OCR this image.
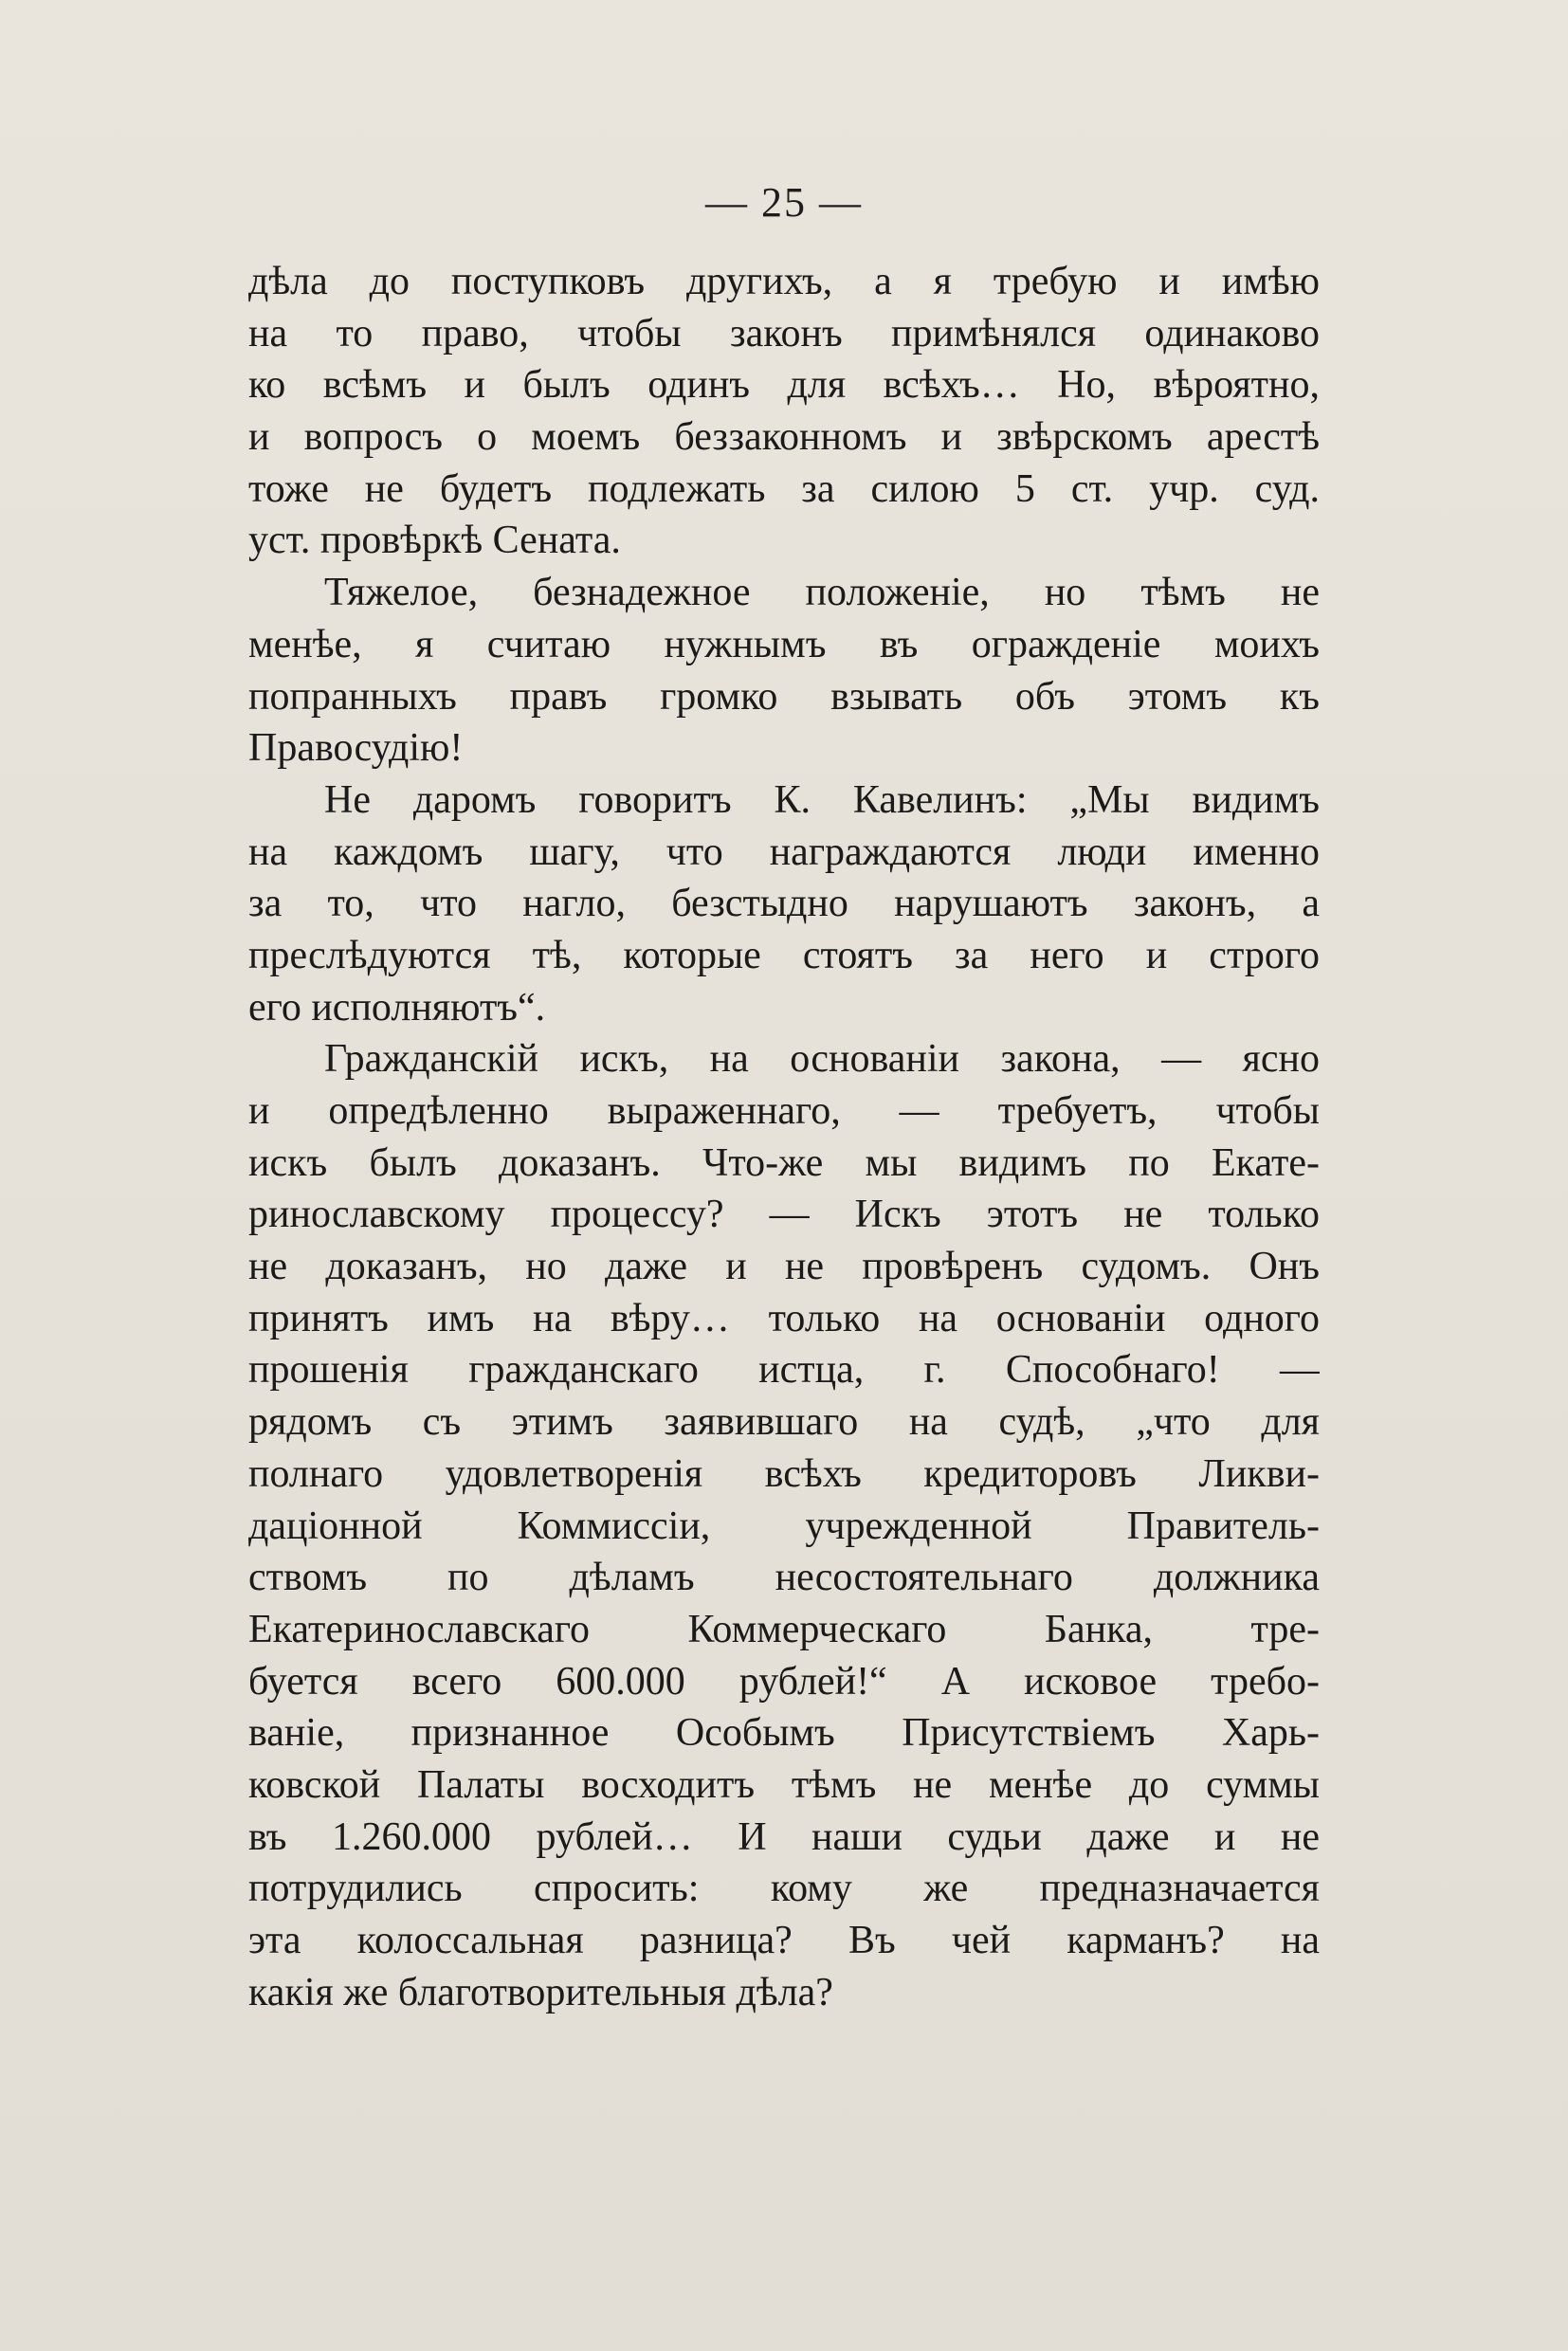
— 25 —
дѣла до поступковъ другихъ, а я требую и имѣю
на то право, чтобы законъ примѣнялся одинаково
ко всѣмъ и былъ одинъ для всѣхъ… Но, вѣроятно,
и вопросъ о моемъ беззаконномъ и звѣрскомъ арестѣ
тоже не будетъ подлежать за силою 5 ст. учр. суд.
уст. провѣркѣ Сената.
Тяжелое, безнадежное положеніе, но тѣмъ не
менѣе, я считаю нужнымъ въ огражденіе моихъ
попранныхъ правъ громко взывать объ этомъ къ
Правосудію!
Не даромъ говоритъ К. Кавелинъ: „Мы видимъ
на каждомъ шагу, что награждаются люди именно
за то, что нагло, безстыдно нарушаютъ законъ, а
преслѣдуются тѣ, которые стоятъ за него и строго
его исполняютъ“.
Гражданскій искъ, на основаніи закона, — ясно
и опредѣленно выраженнаго, — требуетъ, чтобы
искъ былъ доказанъ. Что-же мы видимъ по Екате-
ринославскому процессу? — Искъ этотъ не только
не доказанъ, но даже и не провѣренъ судомъ. Онъ
принятъ имъ на вѣру… только на основаніи одного
прошенія гражданскаго истца, г. Способнаго! —
рядомъ съ этимъ заявившаго на судѣ, „что для
полнаго удовлетворенія всѣхъ кредиторовъ Ликви-
даціонной Коммиссіи, учрежденной Правитель-
ствомъ по дѣламъ несостоятельнаго должника
Екатеринославскаго Коммерческаго Банка, тре-
буется всего 600.000 рублей!“ А исковое требо-
ваніе, признанное Особымъ Присутствіемъ Харь-
ковской Палаты восходитъ тѣмъ не менѣе до суммы
въ 1.260.000 рублей… И наши судьи даже и не
потрудились спросить: кому же предназначается
эта колоссальная разница? Въ чей карманъ? на
какія же благотворительныя дѣла?
